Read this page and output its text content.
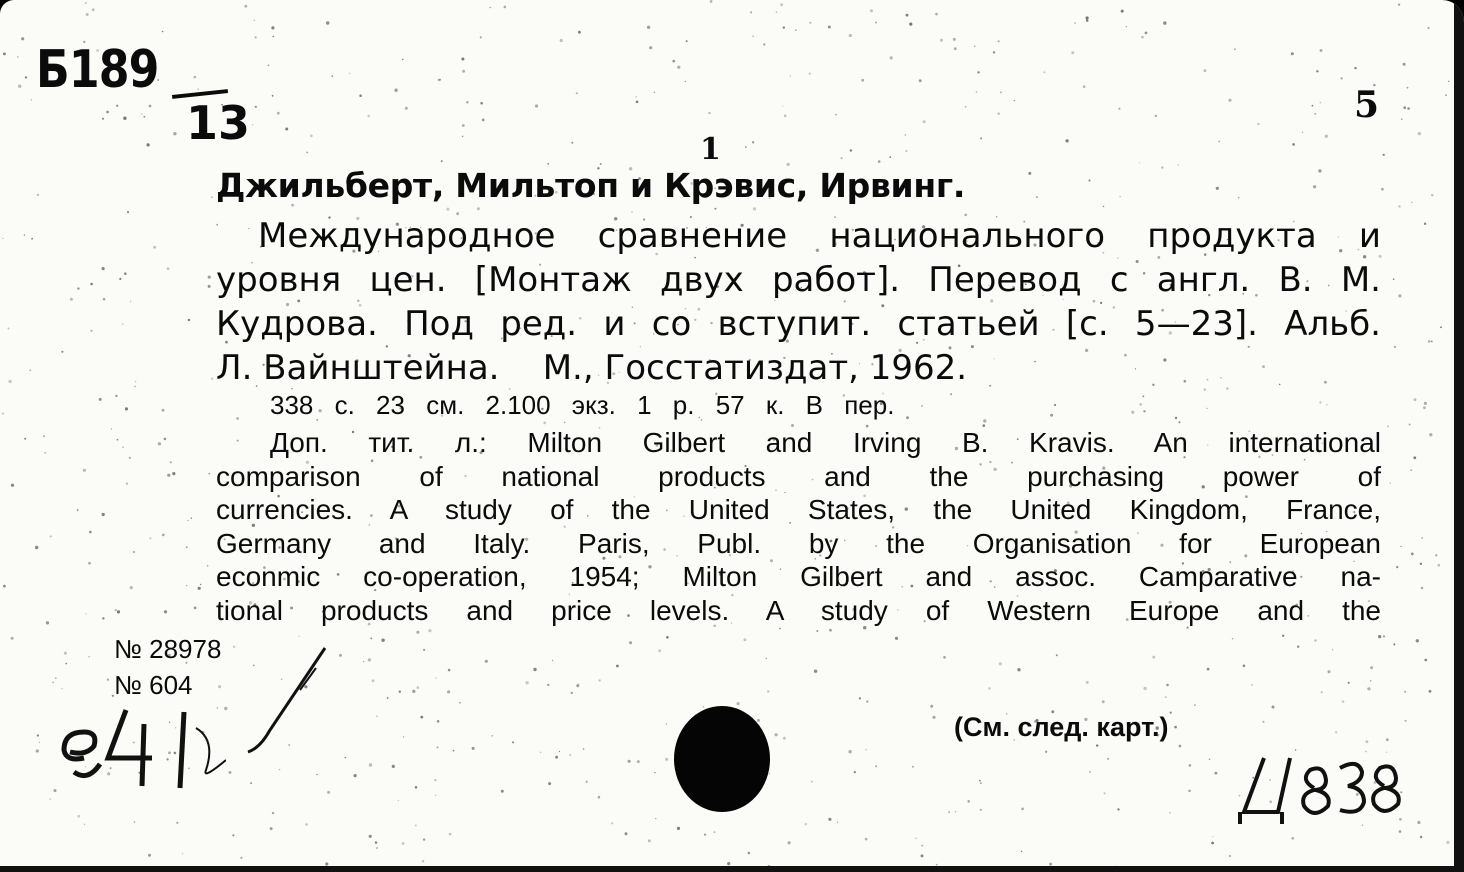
Б189
13	5
1
Джильберт, Мильтоп и Крэвис, Ирвинг.
Международное сравнение национального продукта и
уровня цен. [Монтаж двух работ]. Перевод с англ. В. М.
Кудрова. Под ред. и со вступит. статьей [с. 5—23]. Альб.
Л. Вайнштейна.    М., Госстатиздат, 1962.
338 с. 23 см. 2.100 экз. 1 р. 57 к. В пер.
Доп. тит. л.: Milton Gilbert and Irving B. Kravis. An international
comparison of national products and the purchasing power of
currencies. A study of the United States, the United Kingdom, France,
Germany and Italy. Paris, Publ. by the Organisation for European
econmic co-operation, 1954; Milton Gilbert and assoc. Camparative na-
tional products and price levels. A study of Western Europe and the
№ 28978
№ 604
(См. след. карт.)
